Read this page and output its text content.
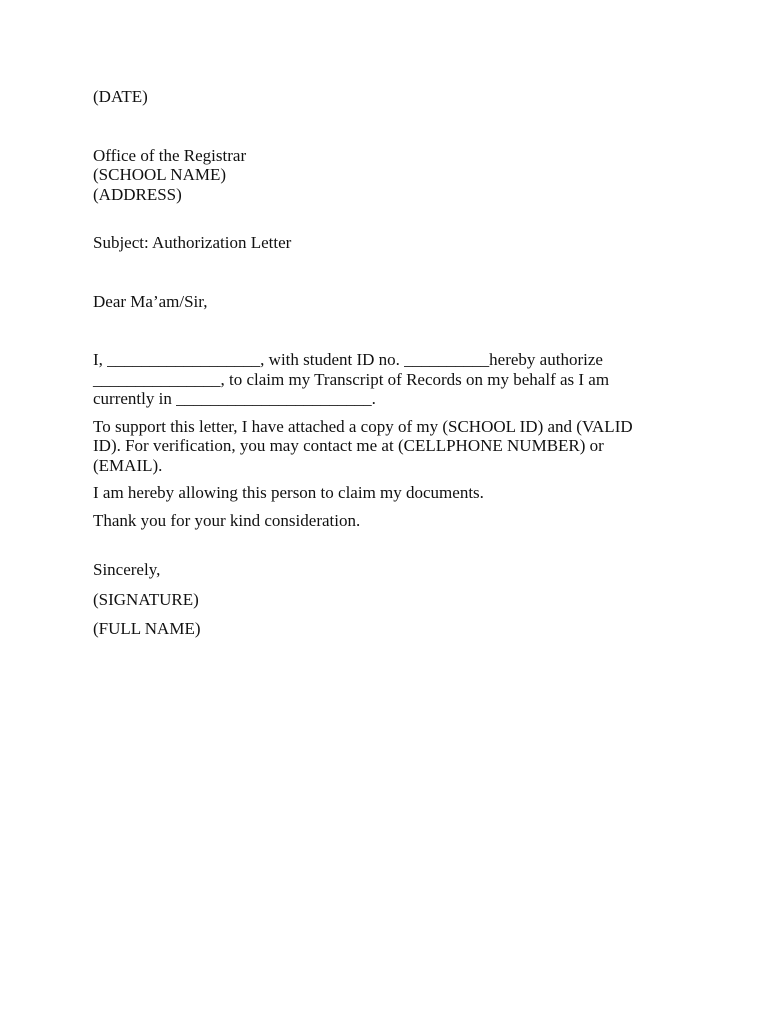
(DATE)

Office of the Registrar

(SCHOOL NAME)

(ADDRESS)

Subject: Authorization Letter

Dear Ma’am/Sir,

I, __________________, with student ID no. __________hereby authorize

_______________, to claim my Transcript of Records on my behalf as I am

currently in _______________________.

To support this letter, I have attached a copy of my (SCHOOL ID) and (VALID

ID). For verification, you may contact me at (CELLPHONE NUMBER) or

(EMAIL).

I am hereby allowing this person to claim my documents.

Thank you for your kind consideration.

Sincerely,

(SIGNATURE)

(FULL NAME)
